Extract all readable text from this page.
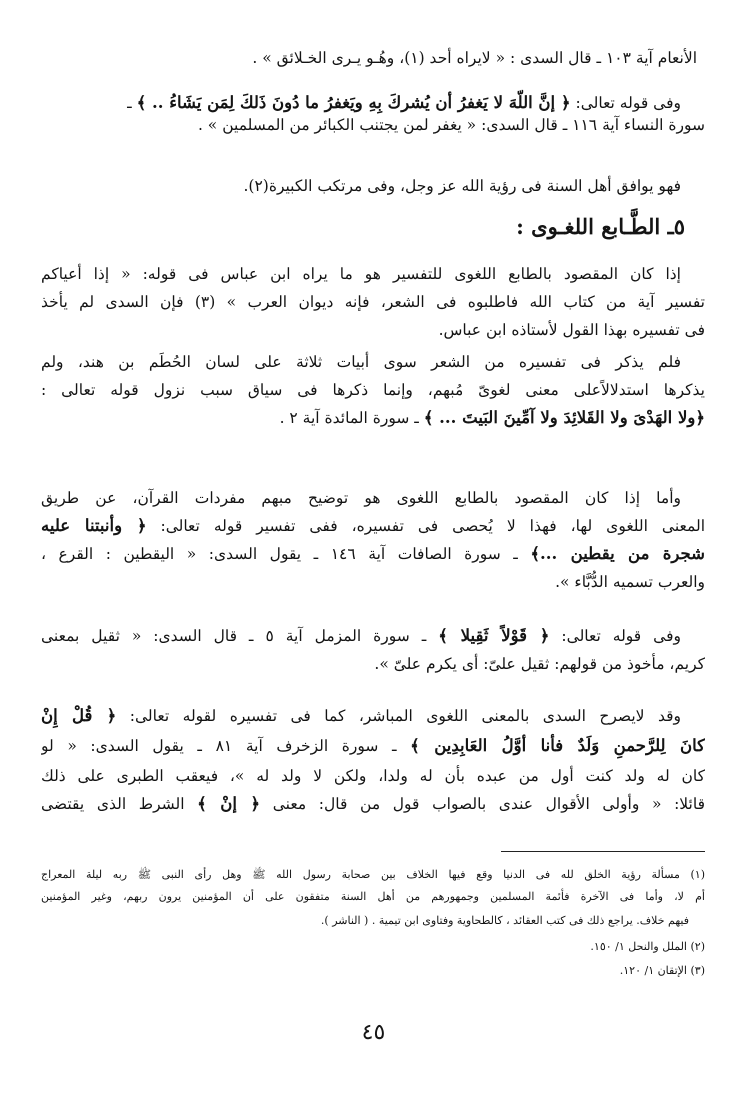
الأنعام آية ١٠٣ ـ قال السدى : « لايراه أحد (١)، وهُـو يـرى الخـلائق » .
وفى قوله تعالى: ﴿ إنَّ اللّهَ لا يَغفرُ أن يُشركَ بِهِ ويَغفرُ ما دُونَ ذَلكَ لِمَن يَشَاءُ .. ﴾ ـ
سورة النساء آية ١١٦ ـ قال السدى: « يغفر لمن يجتنب الكبائر من المسلمين » .
فهو يوافق أهل السنة فى رؤية الله عز وجل، وفى مرتكب الكبيرة(٢).
٥ـ الطَّـابع اللغـوى :
إذا كان المقصود بالطابع اللغوى للتفسير هو ما يراه ابن عباس فى قوله: « إذا أعياكم
تفسير آية من كتاب الله فاطلبوه فى الشعر، فإنه ديوان العرب » (٣) فإن السدى لم يأخذ
فى تفسيره بهذا القول لأستاذه ابن عباس.
فلم يذكر فى تفسيره من الشعر سوى أبيات ثلاثة على لسان الحُطَم بن هند، ولم
يذكرها استدلالاًعلى معنى لغوىّ مُبهم، وإنما ذكرها فى سياق سبب نزول قوله تعالى :
﴿ولا الهَدْىَ ولا القَلائِدَ ولا آمِّينَ البَيتَ ... ﴾ ـ سورة المائدة آية ٢ .
وأما إذا كان المقصود بالطابع اللغوى هو توضيح مبهم مفردات القرآن، عن طريق
المعنى اللغوى لها، فهذا لا يُحصى فى تفسيره، ففى تفسير قوله تعالى: ﴿ وأنبتنا عليه
شجرة من يقطين ...﴾ ـ سورة الصافات آية ١٤٦ ـ يقول السدى: « اليقطين : القرع ،
والعرب تسميه الدُّبَّاء ».
وفى قوله تعالى: ﴿ قَوْلاً ثَقِيلا ﴾ ـ سورة المزمل آية ٥ ـ قال السدى: « ثقيل بمعنى
كريم، مأخوذ من قولهم: ثقيل علىّ: أى يكرم علىّ ».
وقد لايصرح السدى بالمعنى اللغوى المباشر، كما فى تفسيره لقوله تعالى: ﴿ قُلْ إِنْ
كانَ لِلرَّحمنِ وَلَدٌ فأنا أوَّلُ العَابِدِين ﴾ ـ سورة الزخرف آية ٨١ ـ يقول السدى: « لو
كان له ولد كنت أول من عبده بأن له ولدا، ولكن لا ولد له »، فيعقب الطبرى على ذلك
قائلا: « وأولى الأقوال عندى بالصواب قول من قال: معنى ﴿ إنْ ﴾ الشرط الذى يقتضى
(١) مسألة رؤية الخلق لله فى الدنيا وقع فيها الخلاف بين صحابة رسول الله ﷺ وهل رأى النبى ﷺ ربه ليلة المعراج
أم لا، وأما فى الآخرة فأئمة المسلمين وجمهورهم من أهل السنة متفقون على أن المؤمنين يرون ربهم، وغير المؤمنين
فيهم خلاف. يراجع ذلك فى كتب العقائد ، كالطحاوية وفتاوى ابن تيمية . ( الناشر ).
(٢) الملل والنحل ١/ ١٥٠.
(٣) الإتقان ١/ ١٢٠.
٤٥
